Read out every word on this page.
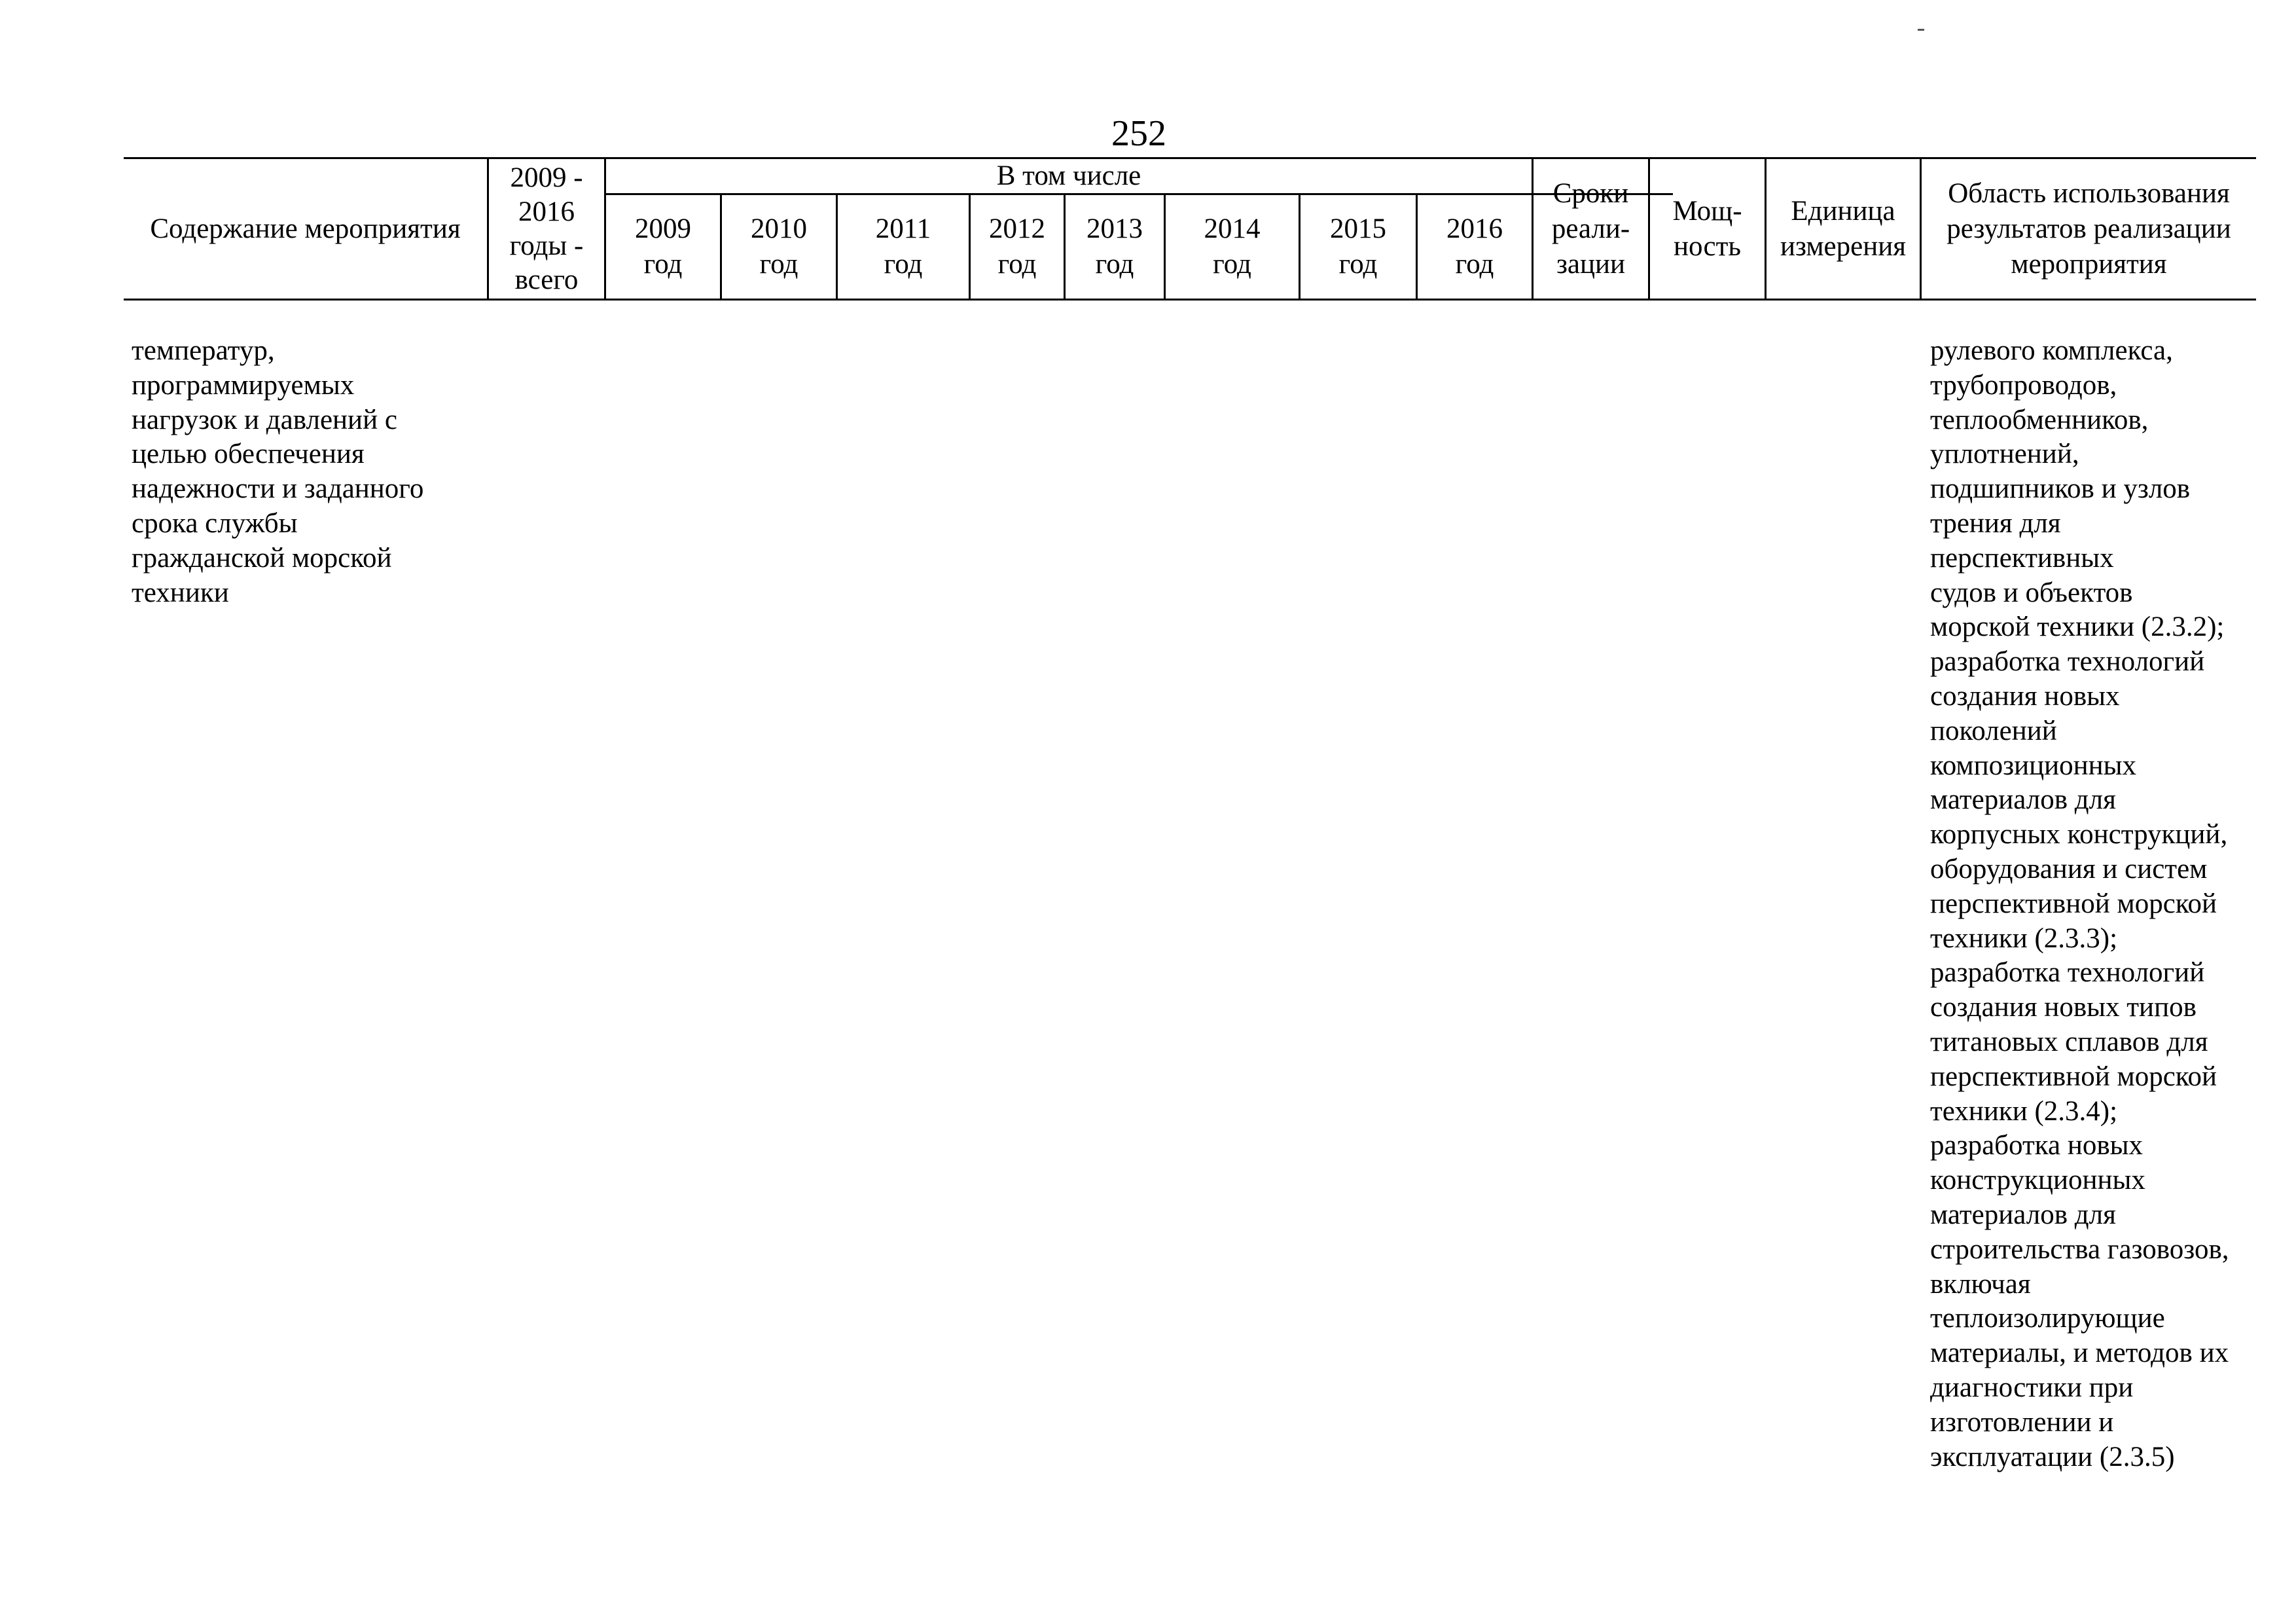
252
Содержание мероприятия
2009 -
2016
годы -
всего
В том числе
2009
год
2010
год
2011
год
2012
год
2013
год
2014
год
2015
год
2016
год
Сроки
реали-
зации
Мощ-
ность
Единица
измерения
Область использования
результатов реализации
мероприятия
температур,
программируемых
нагрузок и давлений с
целью обеспечения
надежности и заданного
срока службы
гражданской морской
техники
рулевого комплекса,
трубопроводов,
теплообменников,
уплотнений,
подшипников и узлов
трения для
перспективных
судов и объектов
морской техники (2.3.2);
разработка технологий
создания новых
поколений
композиционных
материалов для
корпусных конструкций,
оборудования и систем
перспективной морской
техники (2.3.3);
разработка технологий
создания новых типов
титановых сплавов для
перспективной морской
техники (2.3.4);
разработка новых
конструкционных
материалов для
строительства газовозов,
включая
теплоизолирующие
материалы, и методов их
диагностики при
изготовлении и
эксплуатации (2.3.5)
